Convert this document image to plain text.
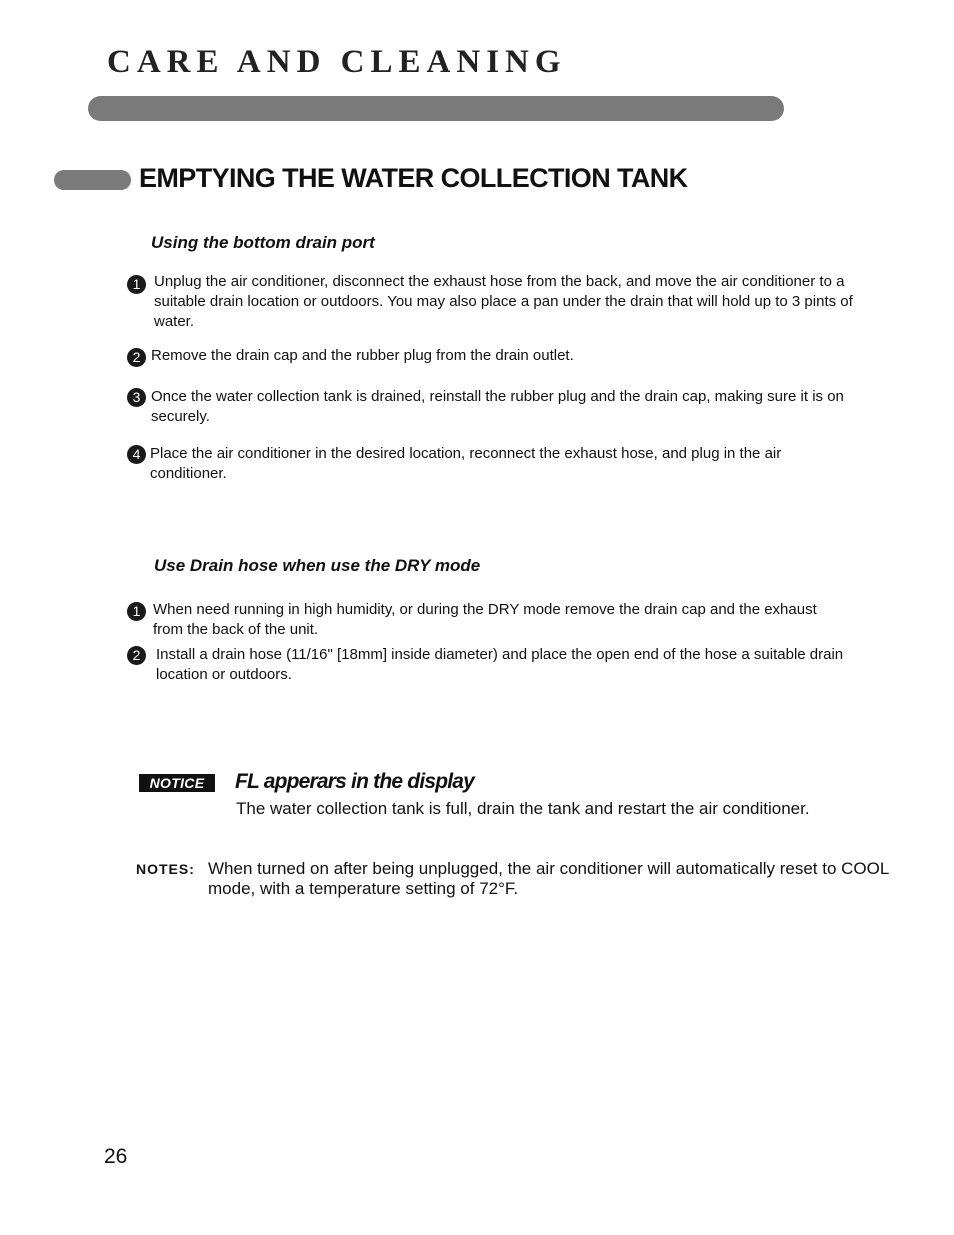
CARE AND CLEANING
EMPTYING THE WATER COLLECTION TANK
Using the bottom drain port
1 Unplug the air conditioner, disconnect the exhaust hose from the back, and move the air conditioner to a suitable drain location or outdoors. You may also place a pan under the drain that will hold up to 3 pints of water.
2 Remove the drain cap and the rubber plug from the drain outlet.
3 Once the water collection tank is drained, reinstall the rubber plug and the drain cap, making sure it is on securely.
4 Place the air conditioner in the desired location, reconnect the exhaust hose, and plug in the air conditioner.
Use Drain hose when use the DRY mode
1 When need running in high humidity, or during the DRY mode remove the drain cap and the exhaust from the back of the unit.
2	Install a drain hose (11/16" [18mm] inside diameter) and place the open end of the hose a suitable drain location or outdoors.
NOTICE	FL apperars in the display
The water collection tank is full, drain the tank and restart the air conditioner.
NOTES: When turned on after being unplugged, the air conditioner will automatically reset to COOL mode, with a temperature setting of 72°F.
26
